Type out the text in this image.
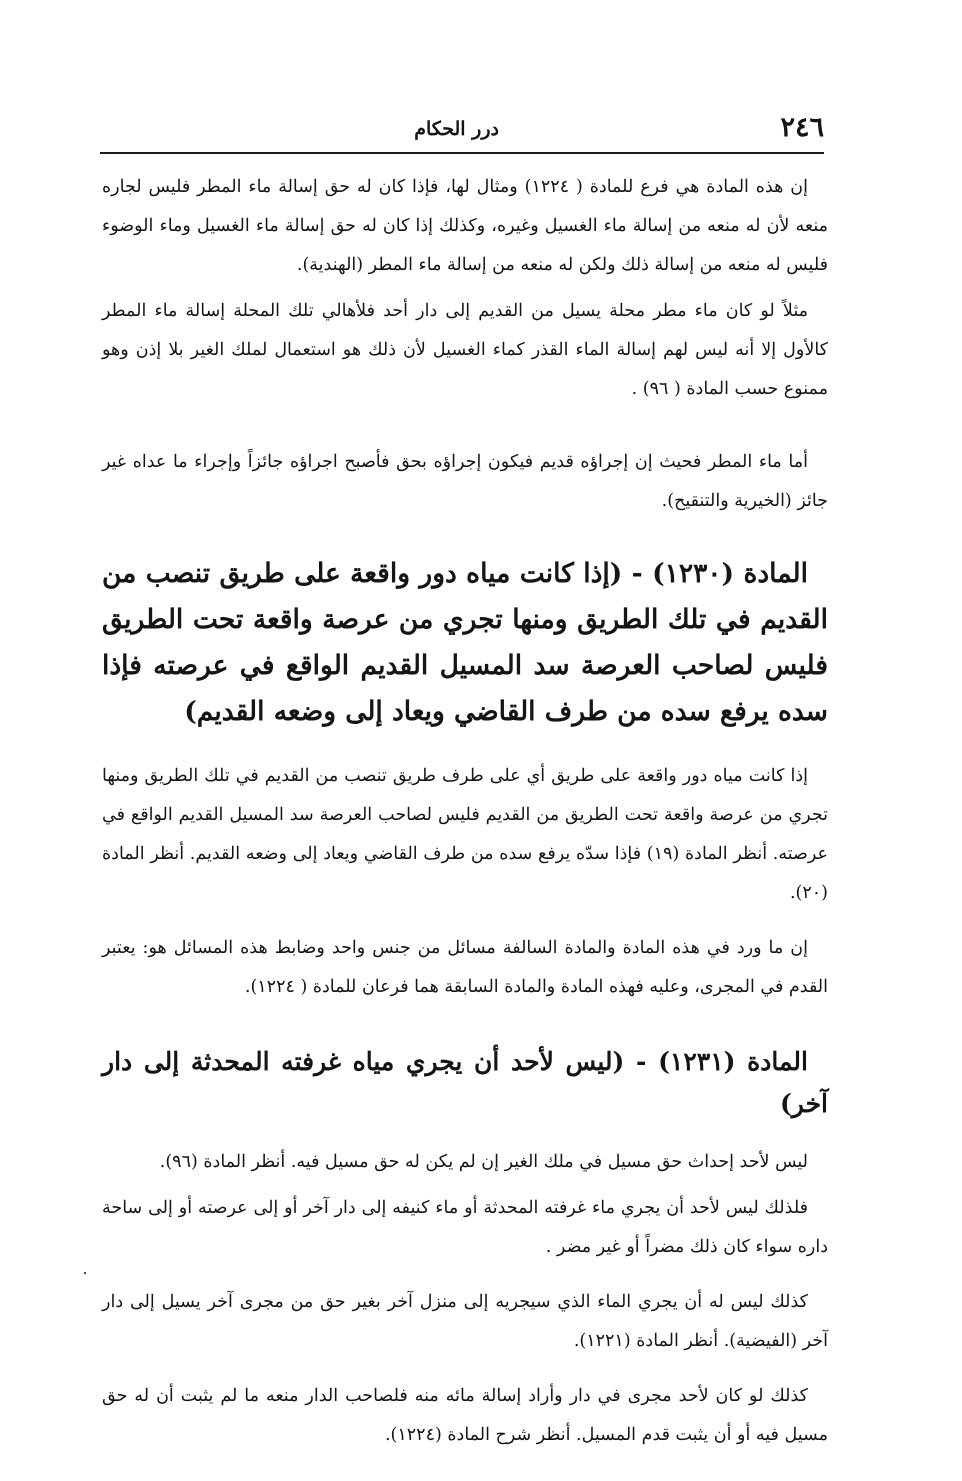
٢٤٦
درر الحكام

إن هذه المادة هي فرع للمادة ( ١٢٢٤) ومثال لها، فإذا كان له حق إسالة ماء المطر فليس لجاره منعه لأن له منعه من إسالة ماء الغسيل وغيره، وكذلك إذا كان له حق إسالة ماء الغسيل وماء الوضوء فليس له منعه من إسالة ذلك ولكن له منعه من إسالة ماء المطر (الهندية).

مثلاً لو كان ماء مطر محلة يسيل من القديم إلى دار أحد فلأهالي تلك المحلة إسالة ماء المطر كالأول إلا أنه ليس لهم إسالة الماء القذر كماء الغسيل لأن ذلك هو استعمال لملك الغير بلا إذن وهو ممنوع حسب المادة ( ٩٦) .

أما ماء المطر فحيث إن إجراؤه قديم فيكون إجراؤه بحق فأصبح اجراؤه جائزاً وإجراء ما عداه غير جائز (الخيرية والتنقيح).

المادة (١٢٣٠) - (إذا كانت مياه دور واقعة على طريق تنصب من القديم في تلك الطريق ومنها تجري من عرصة واقعة تحت الطريق فليس لصاحب العرصة سد المسيل القديم الواقع في عرصته فإذا سده يرفع سده من طرف القاضي ويعاد إلى وضعه القديم)

إذا كانت مياه دور واقعة على طريق أي على طرف طريق تنصب من القديم في تلك الطريق ومنها تجري من عرصة واقعة تحت الطريق من القديم فليس لصاحب العرصة سد المسيل القديم الواقع في عرصته. أنظر المادة (١٩) فإذا سدّه يرفع سده من طرف القاضي ويعاد إلى وضعه القديم. أنظر المادة (٢٠).

إن ما ورد في هذه المادة والمادة السالفة مسائل من جنس واحد وضابط هذه المسائل هو: يعتبر القدم في المجرى، وعليه فهذه المادة والمادة السابقة هما فرعان للمادة ( ١٢٢٤).

المادة (١٢٣١) - (ليس لأحد أن يجري مياه غرفته المحدثة إلى دار آخر)

ليس لأحد إحداث حق مسيل في ملك الغير إن لم يكن له حق مسيل فيه. أنظر المادة (٩٦).

فلذلك ليس لأحد أن يجري ماء غرفته المحدثة أو ماء كنيفه إلى دار آخر أو إلى عرصته أو إلى ساحة داره سواء كان ذلك مضراً أو غير مضر .

كذلك ليس له أن يجري الماء الذي سيجريه إلى منزل آخر بغير حق من مجرى آخر يسيل إلى دار آخر (الفيضية). أنظر المادة (١٢٢١).

كذلك لو كان لأحد مجرى في دار وأراد إسالة مائه منه فلصاحب الدار منعه ما لم يثبت أن له حق مسيل فيه أو أن يثبت قدم المسيل. أنظر شرح المادة (١٢٢٤).
